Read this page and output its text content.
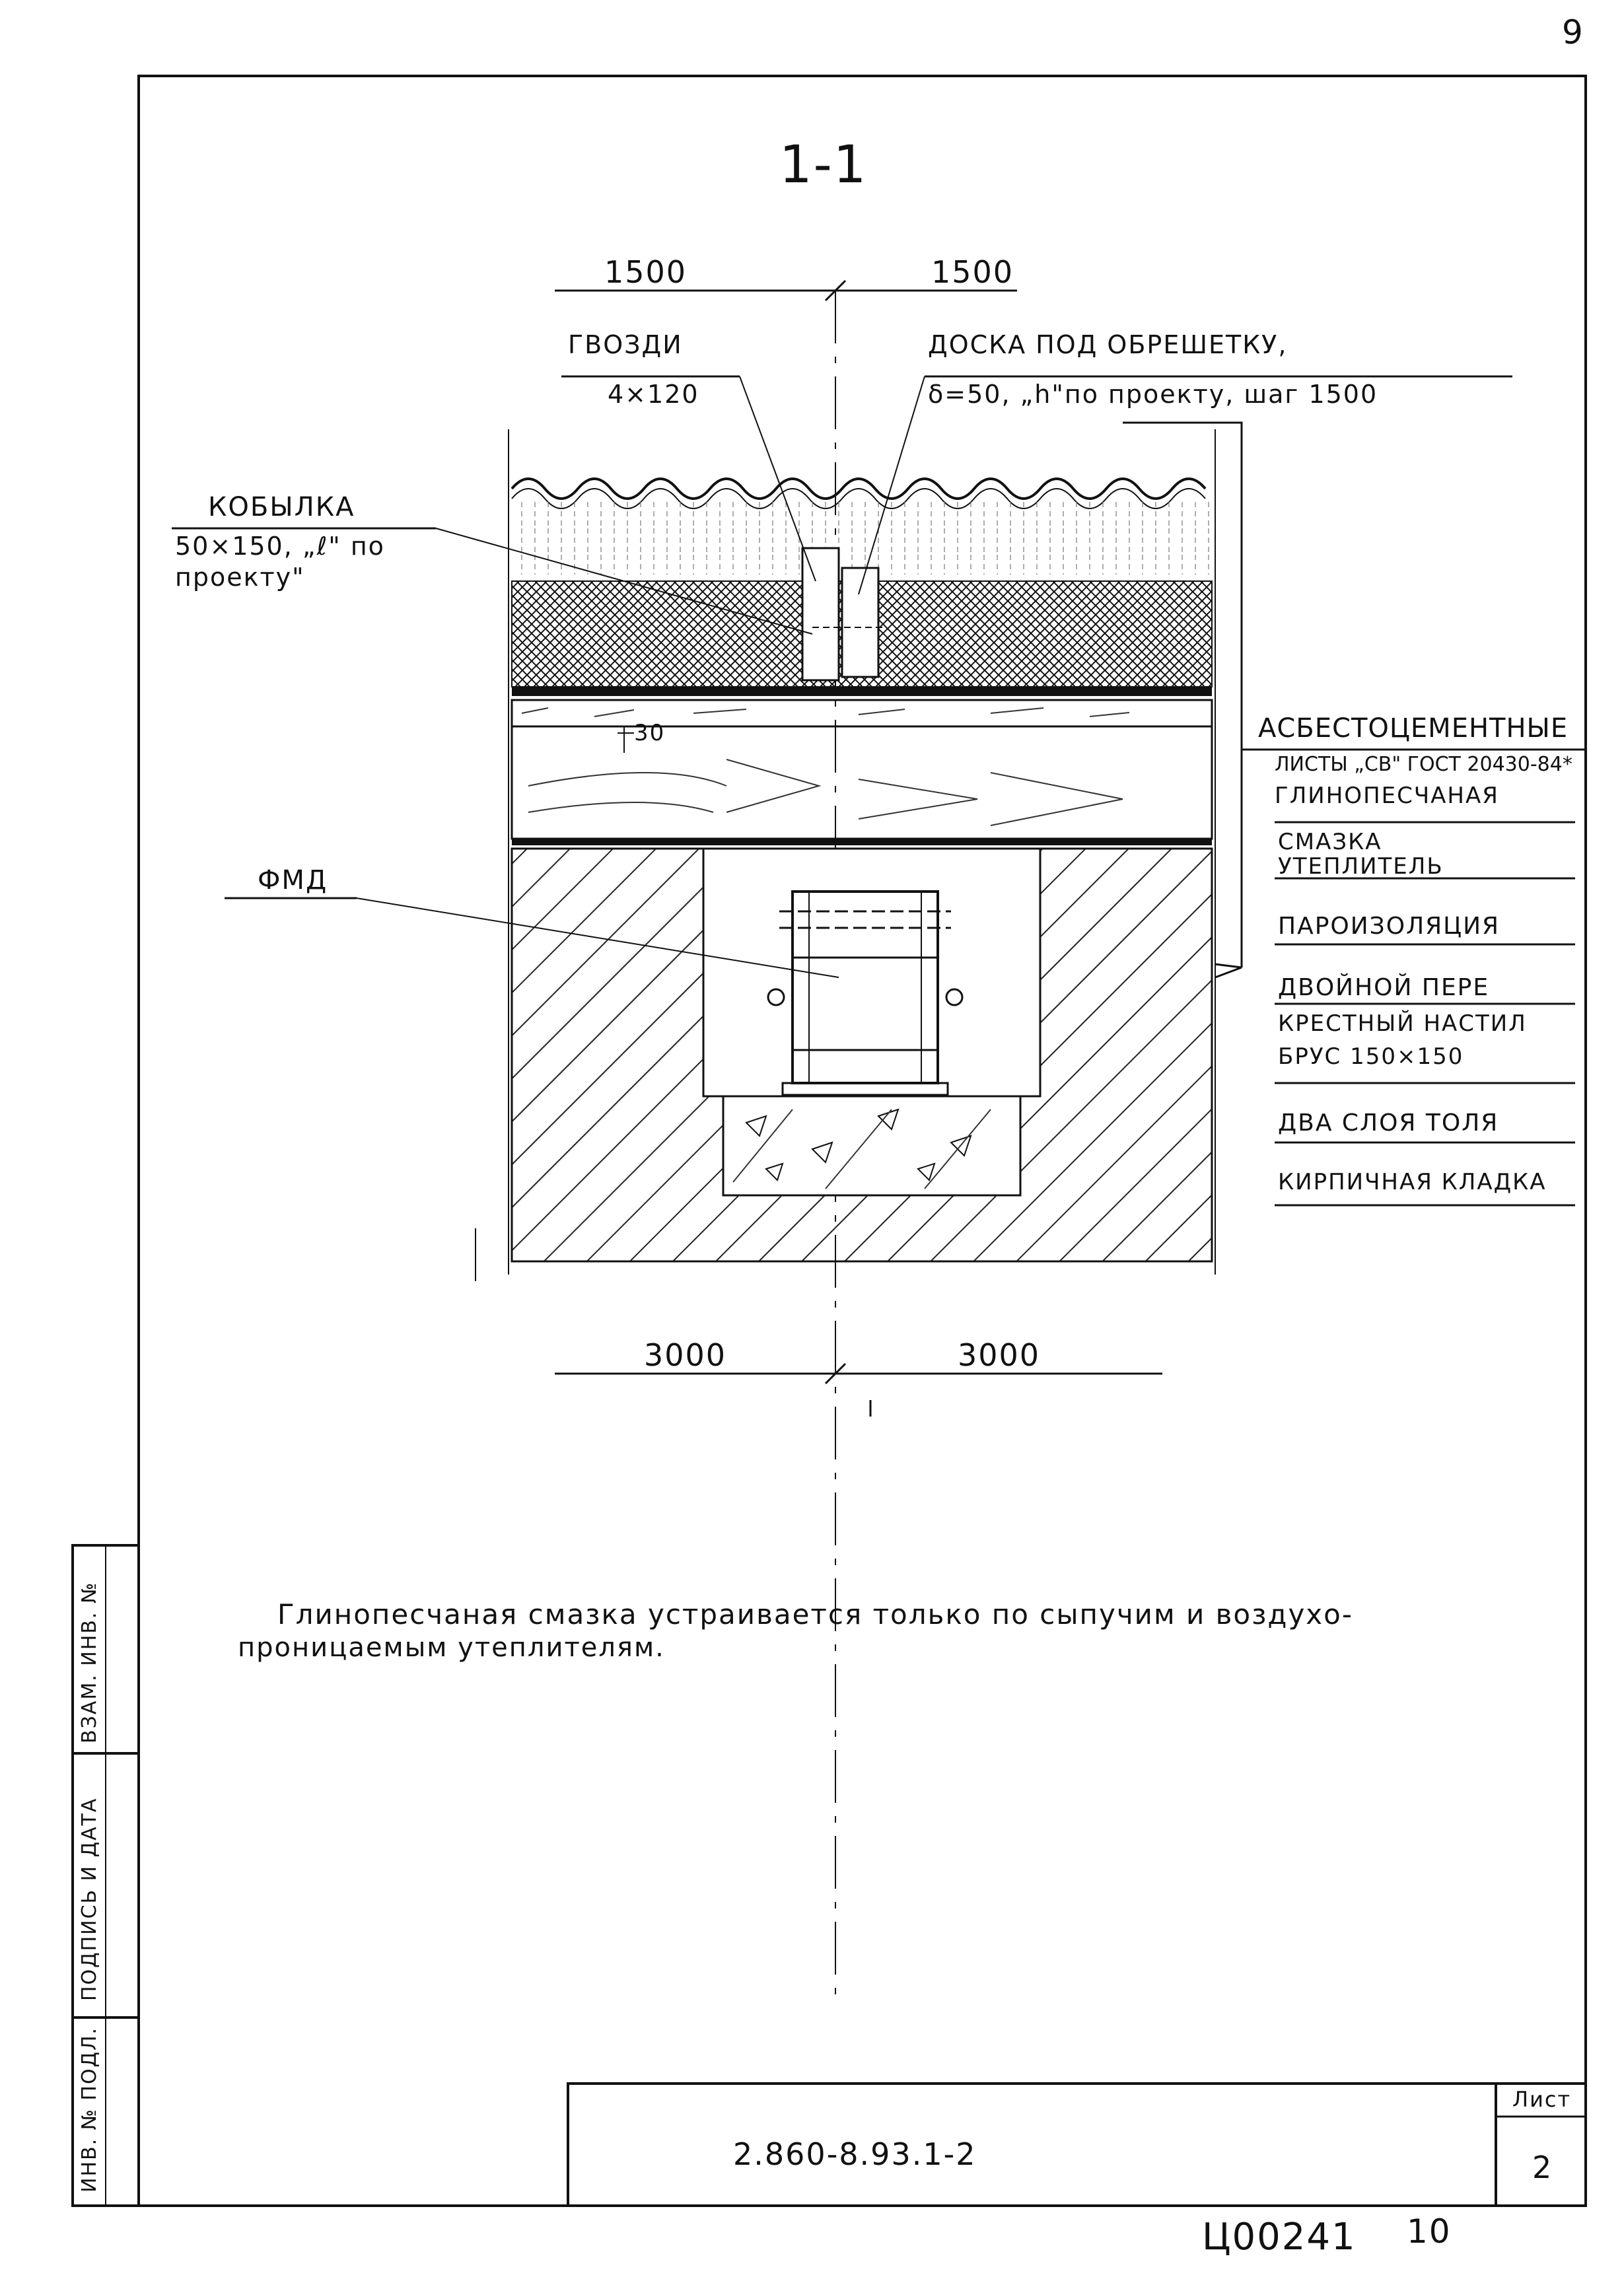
9
1-1
1500	1500
30
3000	3000
ГВОЗДИ
4×120
ДОСКА ПОД ОБРЕШЕТКУ,
δ=50, „h"по проекту, шаг 1500
КОБЫЛКА
50×150, „ℓ" по
проекту"
ФМД
АСБЕСТОЦЕМЕНТНЫЕ
ЛИСТЫ „СВ" ГОСТ 20430-84*
ГЛИНОПЕСЧАНАЯ
СМАЗКА
УТЕПЛИТЕЛЬ
ПАРОИЗОЛЯЦИЯ
ДВОЙНОЙ ПЕРЕ
КРЕСТНЫЙ НАСТИЛ
БРУС 150×150
ДВА СЛОЯ ТОЛЯ
КИРПИЧНАЯ КЛАДКА
Глинопесчаная смазка устраивается только по сыпучим и воздухо-
проницаемым утеплителям.
ИНВ. № ПОДЛ.
ПОДПИСЬ И ДАТА
ВЗАМ. ИНВ. №
2.860-8.93.1-2
Лист
2
Ц00241 10
